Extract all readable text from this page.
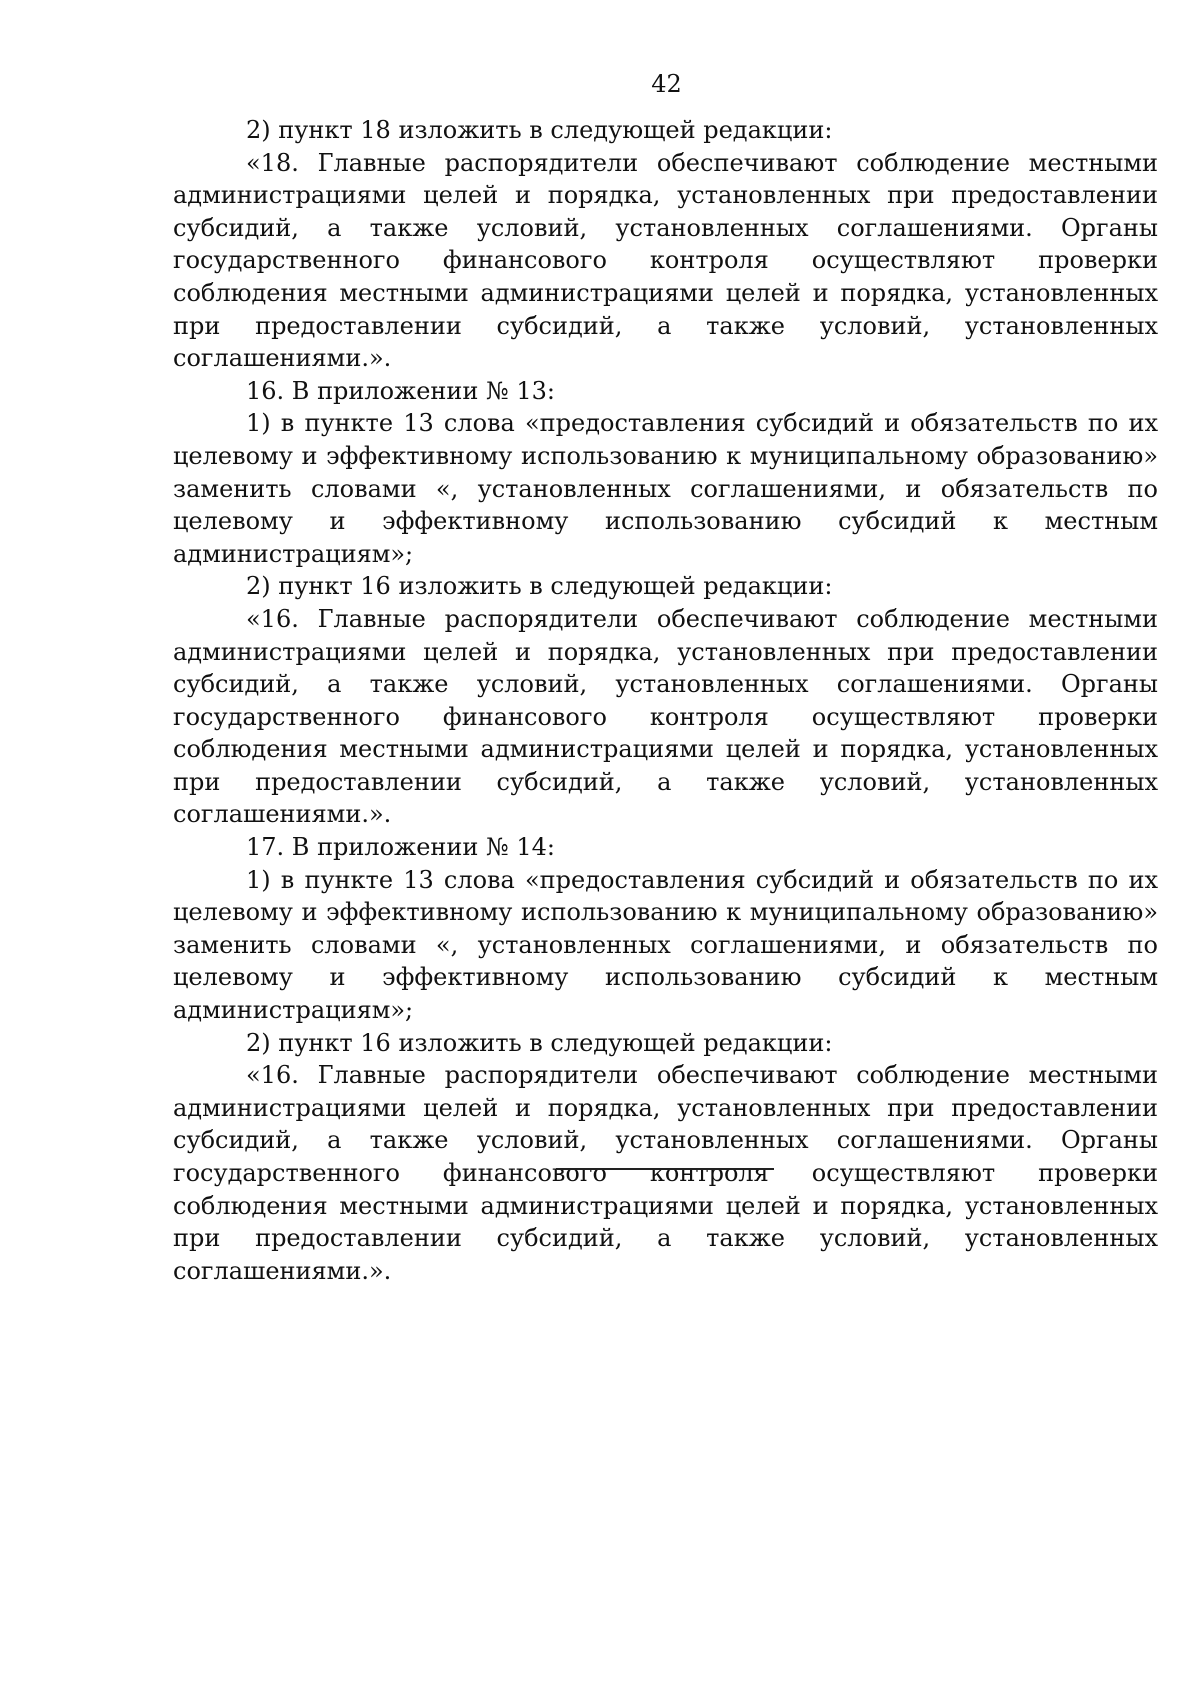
42

2) пункт 18 изложить в следующей редакции:

«18. Главные распорядители обеспечивают соблюдение местными администрациями целей и порядка, установленных при предоставлении субсидий, а также условий, установленных соглашениями. Органы государственного финансового контроля осуществляют проверки соблюдения местными администрациями целей и порядка, установленных при предоставлении субсидий, а также условий, установленных соглашениями.».

16. В приложении № 13:

1) в пункте 13 слова «предоставления субсидий и обязательств по их целевому и эффективному использованию к муниципальному образованию» заменить словами «, установленных соглашениями, и обязательств по целевому и эффективному использованию субсидий к местным администрациям»;

2) пункт 16 изложить в следующей редакции:

«16. Главные распорядители обеспечивают соблюдение местными администрациями целей и порядка, установленных при предоставлении субсидий, а также условий, установленных соглашениями. Органы государственного финансового контроля осуществляют проверки соблюдения местными администрациями целей и порядка, установленных при предоставлении субсидий, а также условий, установленных соглашениями.».

17. В приложении № 14:

1) в пункте 13 слова «предоставления субсидий и обязательств по их целевому и эффективному использованию к муниципальному образованию» заменить словами «, установленных соглашениями, и обязательств по целевому и эффективному использованию субсидий к местным администрациям»;

2) пункт 16 изложить в следующей редакции:

«16. Главные распорядители обеспечивают соблюдение местными администрациями целей и порядка, установленных при предоставлении субсидий, а также условий, установленных соглашениями. Органы государственного финансового контроля осуществляют проверки соблюдения местными администрациями целей и порядка, установленных при предоставлении субсидий, а также условий, установленных соглашениями.».
